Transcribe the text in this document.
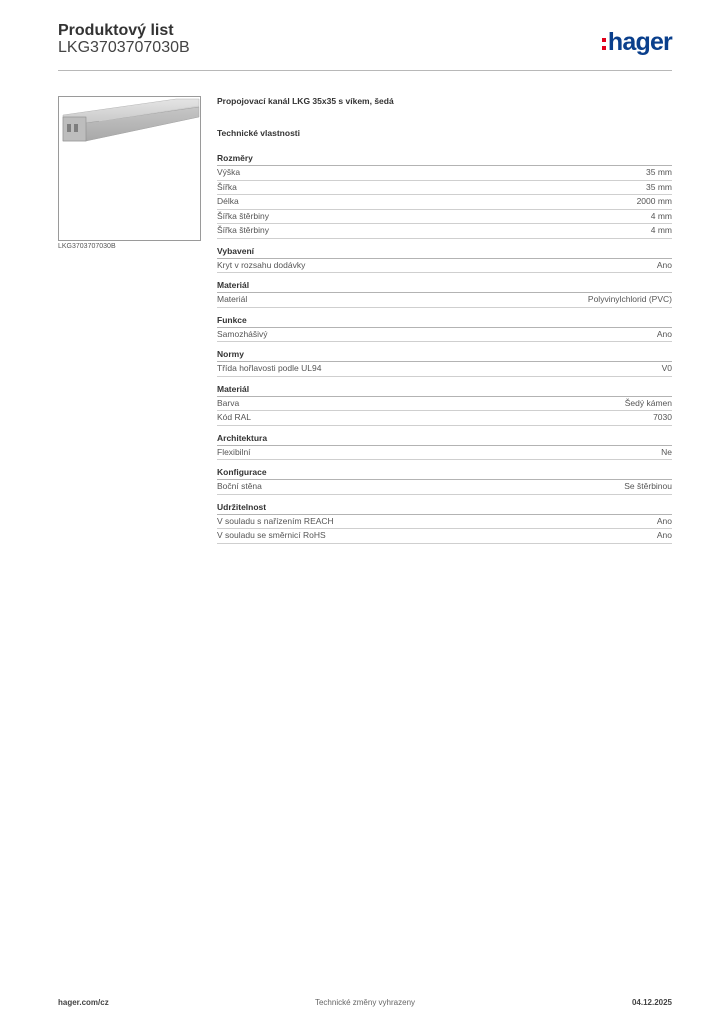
Produktový list
LKG3703707030B	hager
LKG3703707030B
Propojovací kanál LKG 35x35 s víkem, šedá
Technické vlastnosti
Rozměry
Výška	35 mm
Šířka	35 mm
Délka	2000 mm
Šířka štěrbiny	4 mm
Šířka štěrbiny	4 mm
Vybavení
Kryt v rozsahu dodávky	Ano
Materiál
Materiál	Polyvinylchlorid (PVC)
Funkce
Samozhášivý	Ano
Normy
Třída hořlavosti podle UL94	V0
Materiál
Barva	Šedý kámen
Kód RAL	7030
Architektura
Flexibilní	Ne
Konfigurace
Boční stěna	Se štěrbinou
Udržitelnost
V souladu s nařízením REACH	Ano
V souladu se směrnicí RoHS	Ano
Technické změny vyhrazeny
hager.com/cz	04.12.2025
